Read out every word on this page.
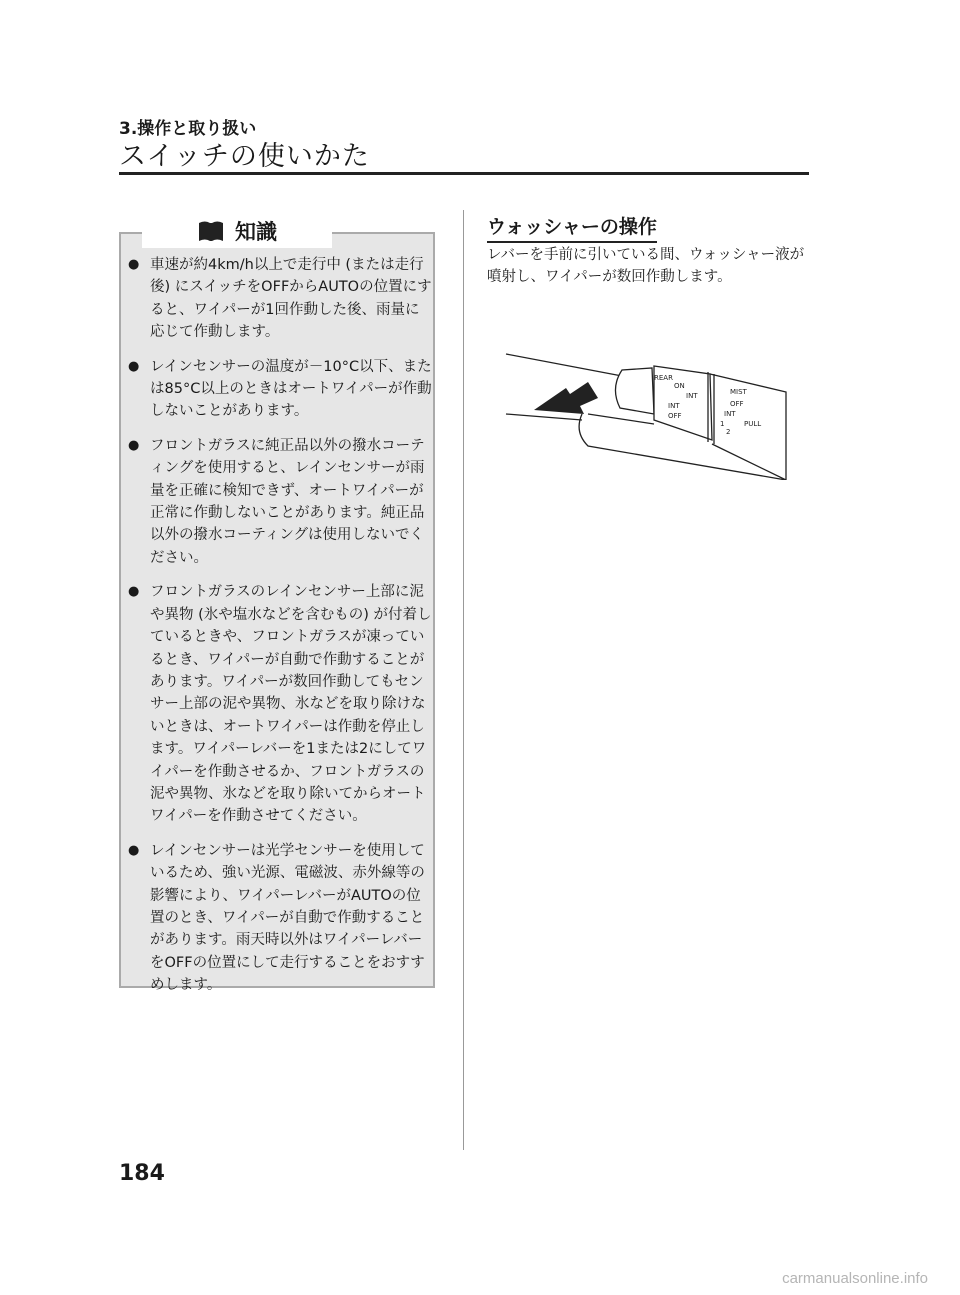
3.操作と取り扱い
スイッチの使いかた
知識
● 車速が約4km/h以上で走行中 (または走行後) にスイッチをOFFからAUTOの位置にすると、ワイパーが1回作動した後、雨量に応じて作動します。
● レインセンサーの温度が－10°C以下、または85°C以上のときはオートワイパーが作動しないことがあります。
● フロントガラスに純正品以外の撥水コーティングを使用すると、レインセンサーが雨量を正確に検知できず、オートワイパーが正常に作動しないことがあります。純正品以外の撥水コーティングは使用しないでください。
● フロントガラスのレインセンサー上部に泥や異物 (氷や塩水などを含むもの) が付着しているときや、フロントガラスが凍っているとき、ワイパーが自動で作動することがあります。ワイパーが数回作動してもセンサー上部の泥や異物、氷などを取り除けないときは、オートワイパーは作動を停止します。ワイパーレバーを1または2にしてワイパーを作動させるか、フロントガラスの泥や異物、氷などを取り除いてからオートワイパーを作動させてください。
● レインセンサーは光学センサーを使用しているため、強い光源、電磁波、赤外線等の影響により、ワイパーレバーがAUTOの位置のとき、ワイパーが自動で作動することがあります。雨天時以外はワイパーレバーをOFFの位置にして走行することをおすすめします。
ウォッシャーの操作
レバーを手前に引いている間、ウォッシャー液が噴射し、ワイパーが数回作動します。
REAR
ON
INT
INT
OFF
MIST
OFF
INT
1
2
PULL
184
carmanualsonline.info
